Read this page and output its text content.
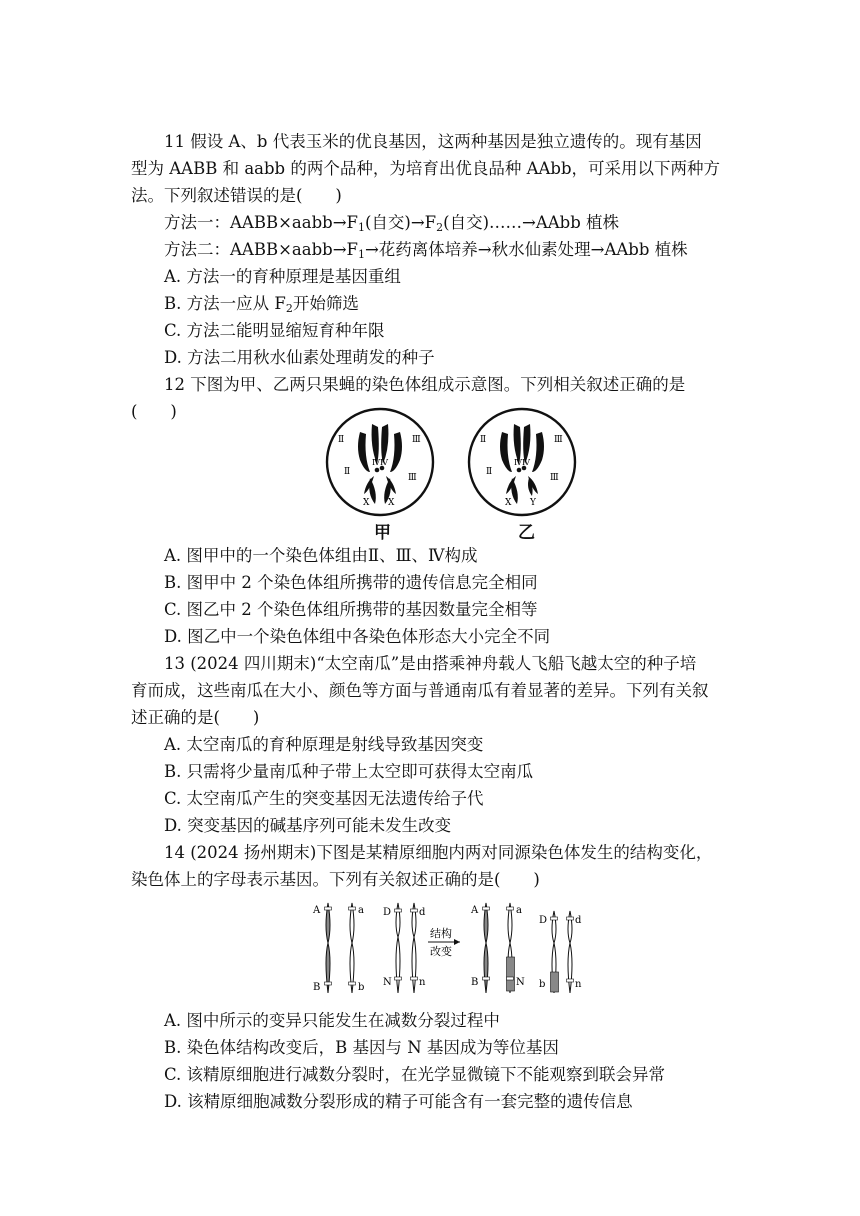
11 假设 A、b 代表玉米的优良基因，这两种基因是独立遗传的。现有基因
型为 AABB 和 aabb 的两个品种，为培育出优良品种 AAbb，可采用以下两种方
法。下列叙述错误的是(　　)
方法一：$AABB\times aabb\to F_1$(自交)$\to F_2$(自交)……→AAbb 植株
方法二：$AABB\times aabb\to F_1\to$花药离体培养→秋水仙素处理→AAbb 植株
A. 方法一的育种原理是基因重组
B. 方法一应从 $F_2$开始筛选
C. 方法二能明显缩短育种年限
D. 方法二用秋水仙素处理萌发的种子
12 下图为甲、乙两只果蝇的染色体组成示意图。下列相关叙述正确的是
(　　)
Ⅱ	Ⅲ
Ⅱ
Ⅲ
ⅣⅣ
X X
Ⅱ	Ⅲ
Ⅱ
Ⅲ
ⅣⅣ
X Y
甲	乙
A. 图甲中的一个染色体组由Ⅱ、Ⅲ、Ⅳ构成
B. 图甲中 2 个染色体组所携带的遗传信息完全相同
C. 图乙中 2 个染色体组所携带的基因数量完全相等
D. 图乙中一个染色体组中各染色体形态大小完全不同
13 (2024 四川期末)“太空南瓜”是由搭乘神舟载人飞船飞越太空的种子培
育而成，这些南瓜在大小、颜色等方面与普通南瓜有着显著的差异。下列有关叙
述正确的是(　　)
A. 太空南瓜的育种原理是射线导致基因突变
B. 只需将少量南瓜种子带上太空即可获得太空南瓜
C. 太空南瓜产生的突变基因无法遗传给子代
D. 突变基因的碱基序列可能未发生改变
14 (2024 扬州期末)下图是某精原细胞内两对同源染色体发生的结构变化，
染色体上的字母表示基因。下列有关叙述正确的是(　　)
A	a
B	b
D	d
N	n
结构
改变
A	a
B	N
D	d
b	n
A. 图中所示的变异只能发生在减数分裂过程中
B. 染色体结构改变后，B 基因与 N 基因成为等位基因
C. 该精原细胞进行减数分裂时，在光学显微镜下不能观察到联会异常
D. 该精原细胞减数分裂形成的精子可能含有一套完整的遗传信息
